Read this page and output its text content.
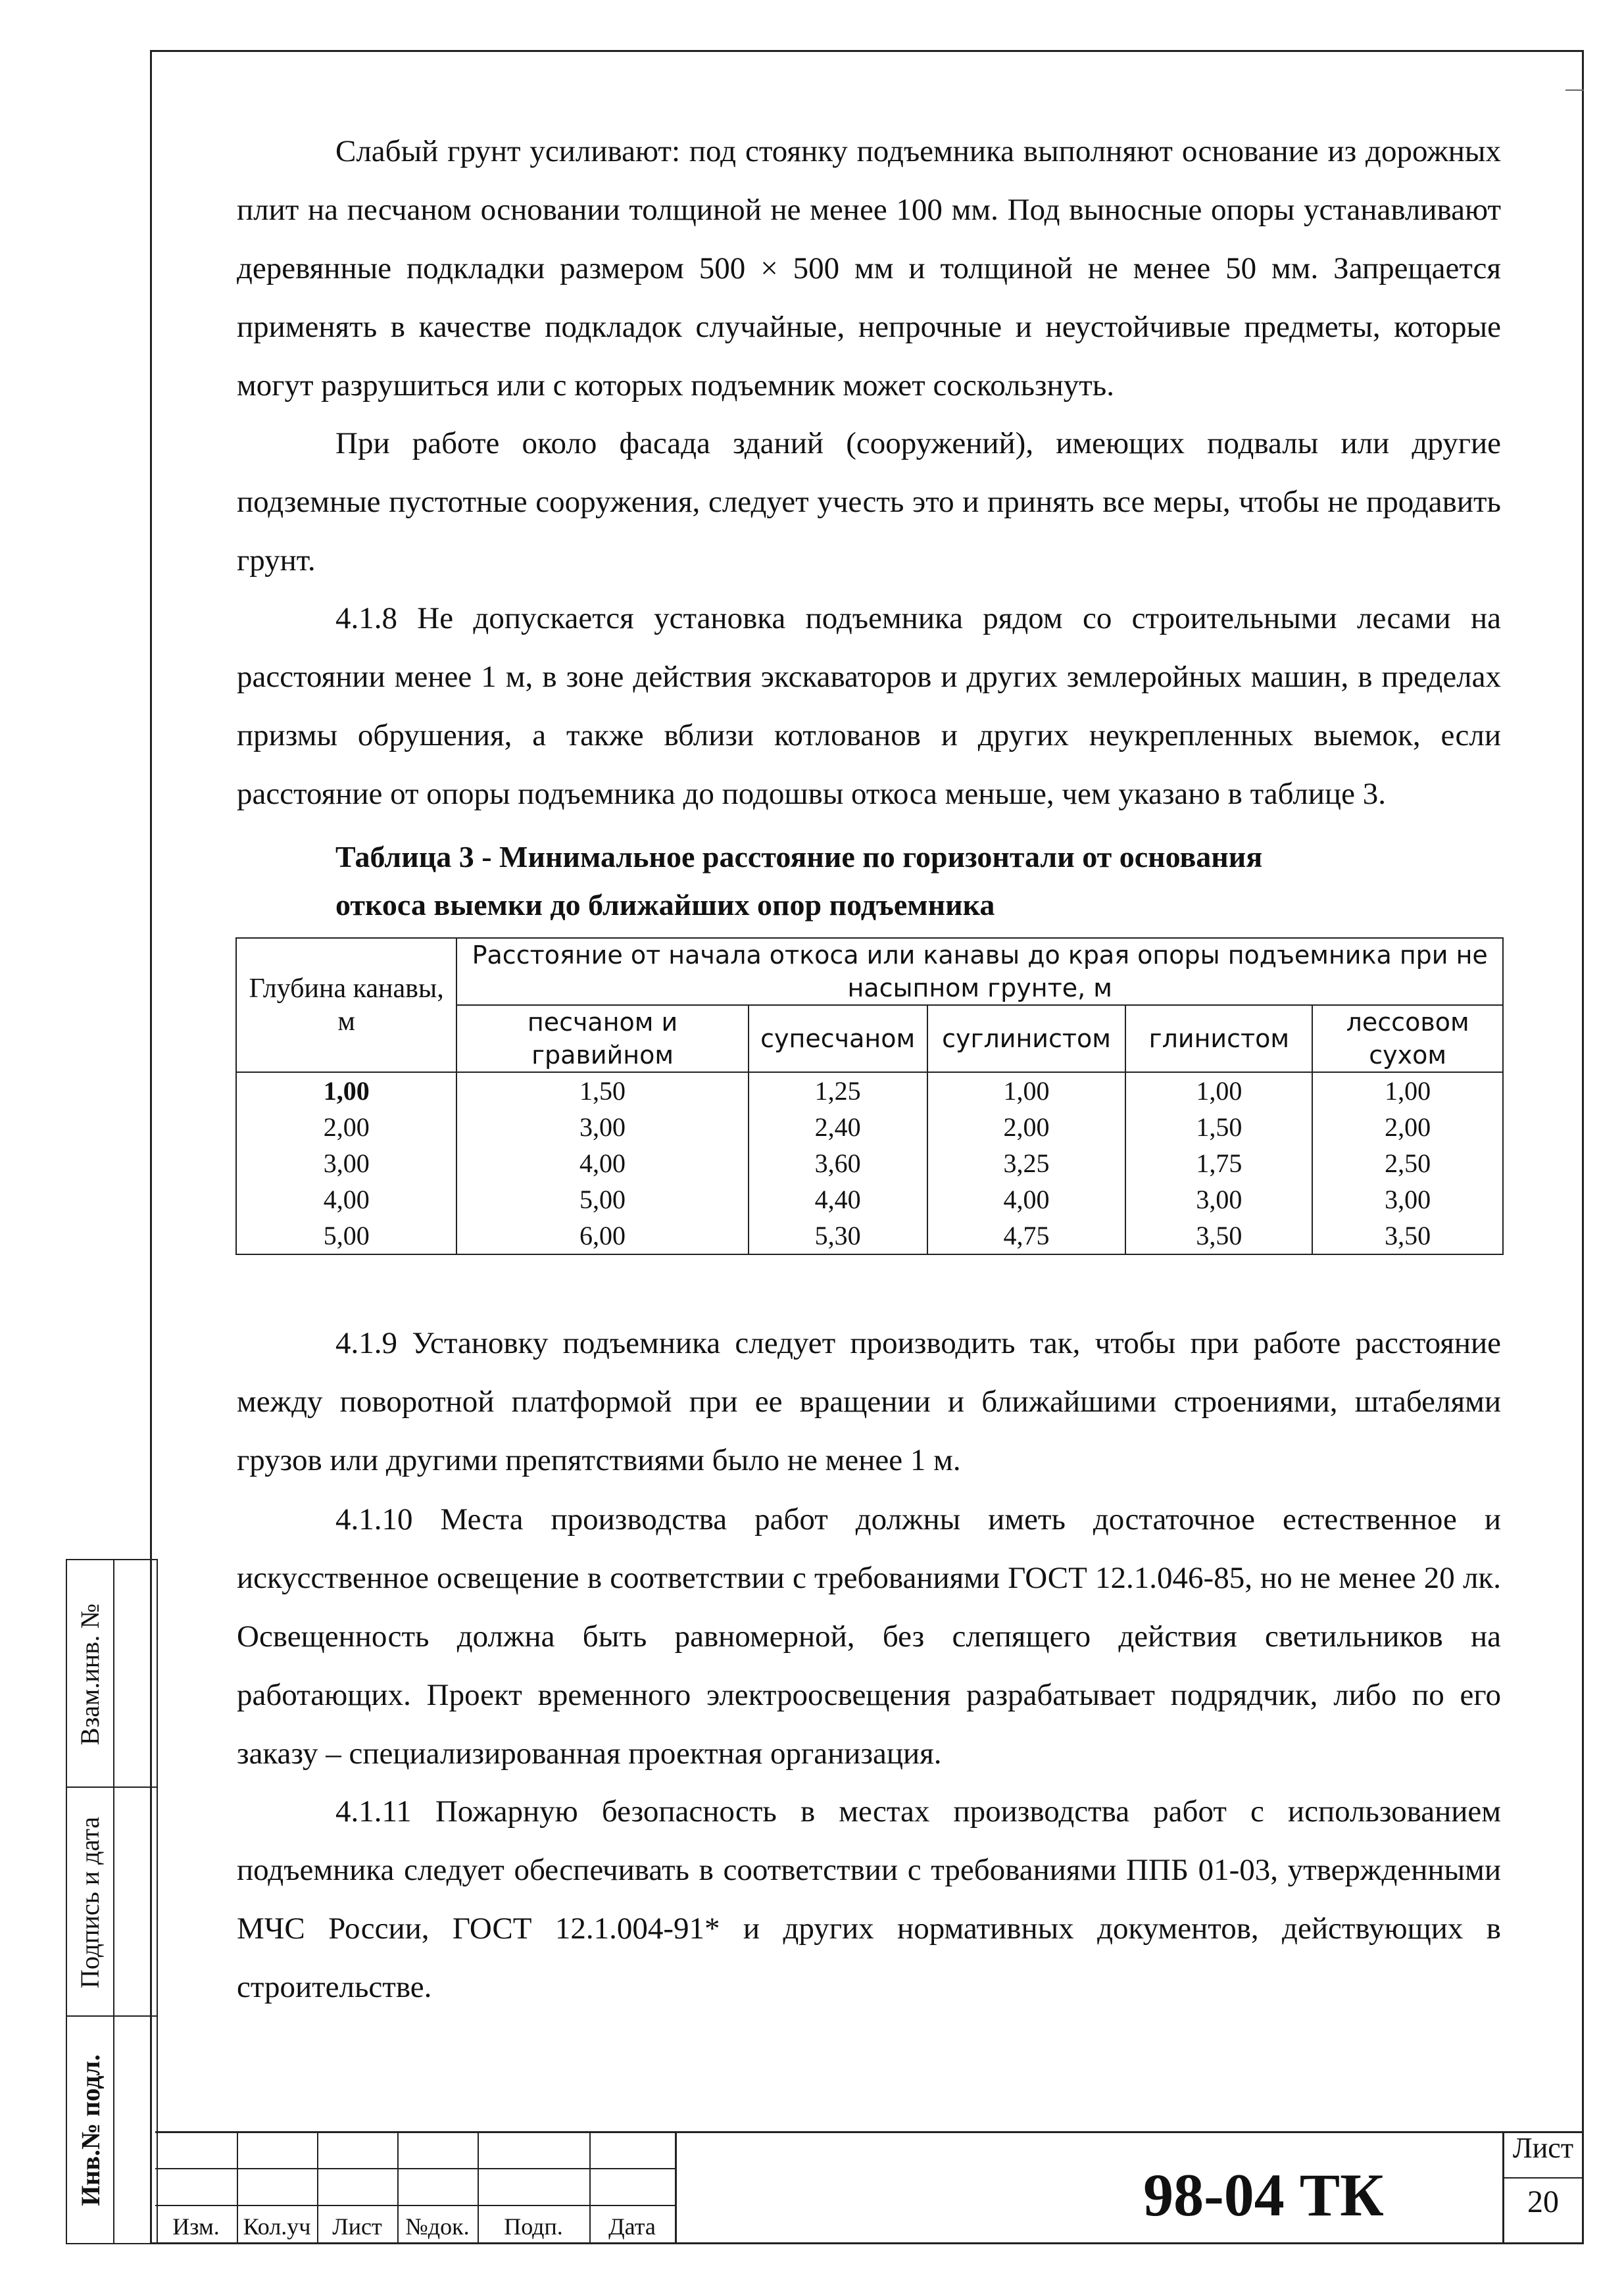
Слабый грунт усиливают: под стоянку подъемника выполняют основание из дорожных плит на песчаном основании толщиной не менее 100 мм. Под выносные опоры устанавливают деревянные подкладки размером 500 × 500 мм и толщиной не менее 50 мм. Запрещается применять в качестве подкладок случайные, непрочные и неустойчивые предметы, которые могут разрушиться или с которых подъемник может соскользнуть.

При работе около фасада зданий (сооружений), имеющих подвалы или другие подземные пустотные сооружения, следует учесть это и принять все меры, чтобы не продавить грунт.

4.1.8 Не допускается установка подъемника рядом со строительными лесами на расстоянии менее 1 м, в зоне действия экскаваторов и других землеройных машин, в пределах призмы обрушения, а также вблизи котлованов и других неукрепленных выемок, если расстояние от опоры подъемника до подошвы откоса меньше, чем указано в таблице 3.

Таблица 3 - Минимальное расстояние по горизонтали от основания
откоса выемки до ближайших опор подъемника
Глубина канавы, м	Расстояние от начала откоса или канавы до края опоры подъемника при не насыпном грунте, м				
	песчаном и гравийном	супесчаном	суглинистом	глинистом	лессовом сухом
1,00	1,50	1,25	1,00	1,00	1,00
2,00	3,00	2,40	2,00	1,50	2,00
3,00	4,00	3,60	3,25	1,75	2,50
4,00	5,00	4,40	4,00	3,00	3,00
5,00	6,00	5,30	4,75	3,50	3,50

4.1.9 Установку подъемника следует производить так, чтобы при работе расстояние между поворотной платформой при ее вращении и ближайшими строениями, штабелями грузов или другими препятствиями было не менее 1 м.

4.1.10 Места производства работ должны иметь достаточное естественное и искусственное освещение в соответствии с требованиями ГОСТ 12.1.046-85, но не менее 20 лк. Освещенность должна быть равномерной, без слепящего действия светильников на работающих. Проект временного электроосвещения разрабатывает подрядчик, либо по его заказу – специализированная проектная организация.

4.1.11 Пожарную безопасность в местах производства работ с использованием подъемника следует обеспечивать в соответствии с требованиями ППБ 01-03, утвержденными МЧС России, ГОСТ 12.1.004-91* и других нормативных документов, действующих в строительстве.

Взам.инв. №
Подпись и дата
Инв.№ подл.
Изм. Кол.уч Лист №док.	Подп.	Дата	98-04 ТК
Лист
20
